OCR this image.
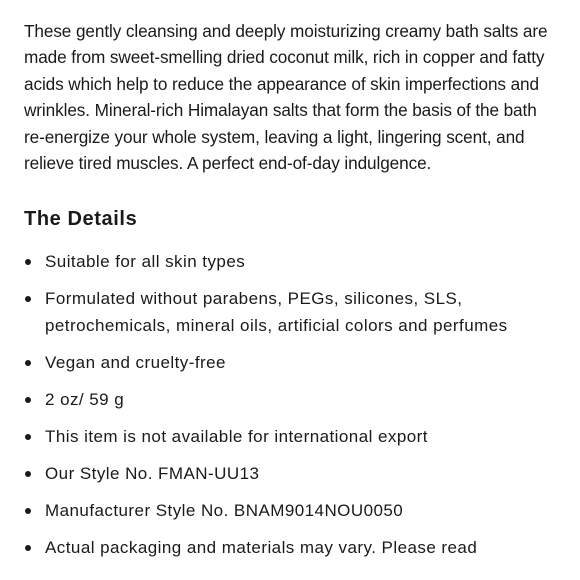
These gently cleansing and deeply moisturizing creamy bath salts are made from sweet-smelling dried coconut milk, rich in copper and fatty acids which help to reduce the appearance of skin imperfections and wrinkles. Mineral-rich Himalayan salts that form the basis of the bath re-energize your whole system, leaving a light, lingering scent, and relieve tired muscles. A perfect end-of-day indulgence.

The Details
Suitable for all skin types
Formulated without parabens, PEGs, silicones, SLS, petrochemicals, mineral oils, artificial colors and perfumes
Vegan and cruelty-free
2 oz/ 59 g
This item is not available for international export
Our Style No. FMAN-UU13
Manufacturer Style No. BNAM9014NOU0050
Actual packaging and materials may vary. Please read
